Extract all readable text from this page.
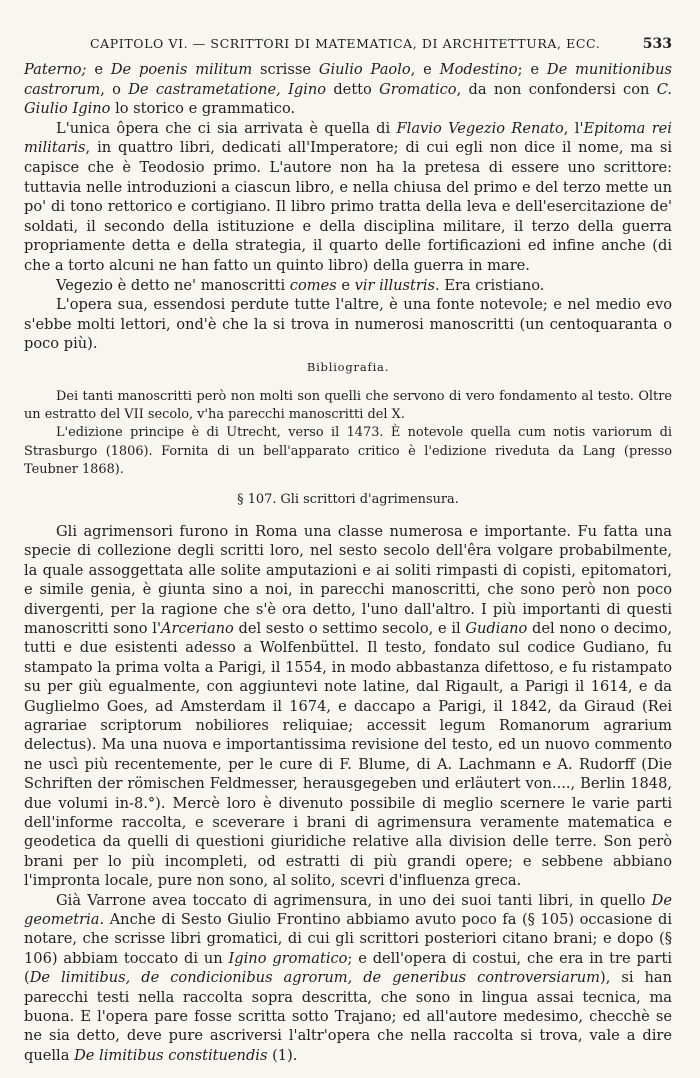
CAPITOLO VI. — SCRITTORI DI MATEMATICA, DI ARCHITETTURA, ECC.	533

Paterno; e De poenis militum scrisse Giulio Paolo, e Modestino; e De munitionibus castrorum, o De castrametatione, Igino detto Gromatico, da non confondersi con C. Giulio Igino lo storico e grammatico.

L'unica ôpera che ci sia arrivata è quella di Flavio Vegezio Renato, l'Epitoma rei militaris, in quattro libri, dedicati all'Imperatore; di cui egli non dice il nome, ma si capisce che è Teodosio primo. L'autore non ha la pretesa di essere uno scrittore: tuttavia nelle introduzioni a ciascun libro, e nella chiusa del primo e del terzo mette un po' di tono rettorico e cortigiano. Il libro primo tratta della leva e dell'esercitazione de' soldati, il secondo della istituzione e della disciplina militare, il terzo della guerra propriamente detta e della strategia, il quarto delle fortificazioni ed infine anche (di che a torto alcuni ne han fatto un quinto libro) della guerra in mare.

Vegezio è detto ne' manoscritti comes e vir illustris. Era cristiano.

L'opera sua, essendosi perdute tutte l'altre, è una fonte notevole; e nel medio evo s'ebbe molti lettori, ond'è che la si trova in numerosi manoscritti (un centoquaranta o poco più).

Bibliografia.

Dei tanti manoscritti però non molti son quelli che servono di vero fondamento al testo. Oltre un estratto del VII secolo, v'ha parecchi manoscritti del X.

L'edizione principe è di Utrecht, verso il 1473. È notevole quella cum notis variorum di Strasburgo (1806). Fornita di un bell'apparato critico è l'edizione riveduta da Lang (presso Teubner 1868).

§ 107. Gli scrittori d'agrimensura.

Gli agrimensori furono in Roma una classe numerosa e importante. Fu fatta una specie di collezione degli scritti loro, nel sesto secolo dell'êra volgare probabilmente, la quale assoggettata alle solite amputazioni e ai soliti rimpasti di copisti, epitomatori, e simile genia, è giunta sino a noi, in parecchi manoscritti, che sono però non poco divergenti, per la ragione che s'è ora detto, l'uno dall'altro. I più importanti di questi manoscritti sono l'Arceriano del sesto o settimo secolo, e il Gudiano del nono o decimo, tutti e due esistenti adesso a Wolfenbüttel. Il testo, fondato sul codice Gudiano, fu stampato la prima volta a Parigi, il 1554, in modo abbastanza difettoso, e fu ristampato su per giù egualmente, con aggiuntevi note latine, dal Rigault, a Parigi il 1614, e da Guglielmo Goes, ad Amsterdam il 1674, e daccapo a Parigi, il 1842, da Giraud (Rei agrariae scriptorum nobiliores reliquiae; accessit legum Romanorum agrarium delectus). Ma una nuova e importantissima revisione del testo, ed un nuovo commento ne uscì più recentemente, per le cure di F. Blume, di A. Lachmann e A. Rudorff (Die Schriften der römischen Feldmesser, herausgegeben und erläutert von...., Berlin 1848, due volumi in-8.°). Mercè loro è divenuto possibile di meglio scernere le varie parti dell'informe raccolta, e sceverare i brani di agrimensura veramente matematica e geodetica da quelli di questioni giuridiche relative alla division delle terre. Son però brani per lo più incompleti, od estratti di più grandi opere; e sebbene abbiano l'impronta locale, pure non sono, al solito, scevri d'influenza greca.

Già Varrone avea toccato di agrimensura, in uno dei suoi tanti libri, in quello De geometria. Anche di Sesto Giulio Frontino abbiamo avuto poco fa (§ 105) occasione di notare, che scrisse libri gromatici, di cui gli scrittori posteriori citano brani; e dopo (§ 106) abbiam toccato di un Igino gromatico; e dell'opera di costui, che era in tre parti (De limitibus, de condicionibus agrorum, de generibus controversiarum), si han parecchi testi nella raccolta sopra descritta, che sono in lingua assai tecnica, ma buona. E l'opera pare fosse scritta sotto Trajano; ed all'autore medesimo, checchè se ne sia detto, deve pure ascriversi l'altr'opera che nella raccolta si trova, vale a dire quella De limitibus constituendis (1).
